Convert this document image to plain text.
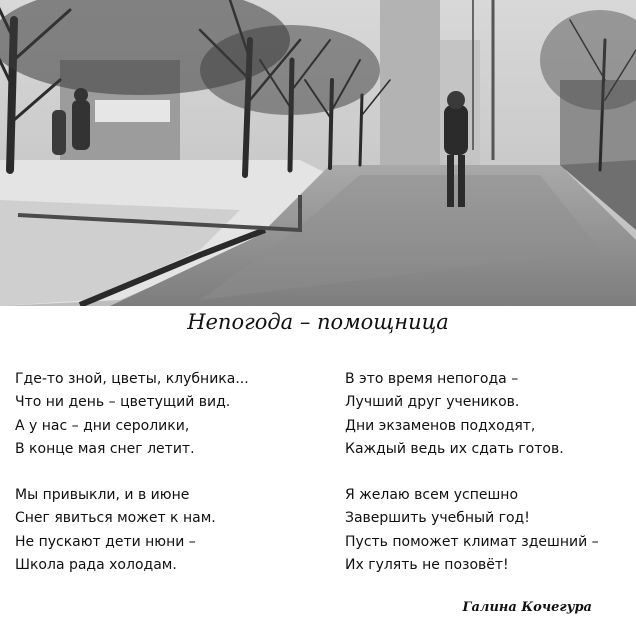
Непогода – помощница
Где-то зной, цветы, клубника...
Что ни день – цветущий вид.
А у нас – дни серолики,
В конце мая снег летит.
В это время непогода –
Лучший друг учеников.
Дни экзаменов подходят,
Каждый ведь их сдать готов.
Мы привыкли, и в июне
Снег явиться может к нам.
Не пускают дети нюни –
Школа рада холодам.
Я желаю всем успешно
Завершить учебный год!
Пусть поможет климат здешний –
Их гулять не позовёт!
Галина Кочегура
